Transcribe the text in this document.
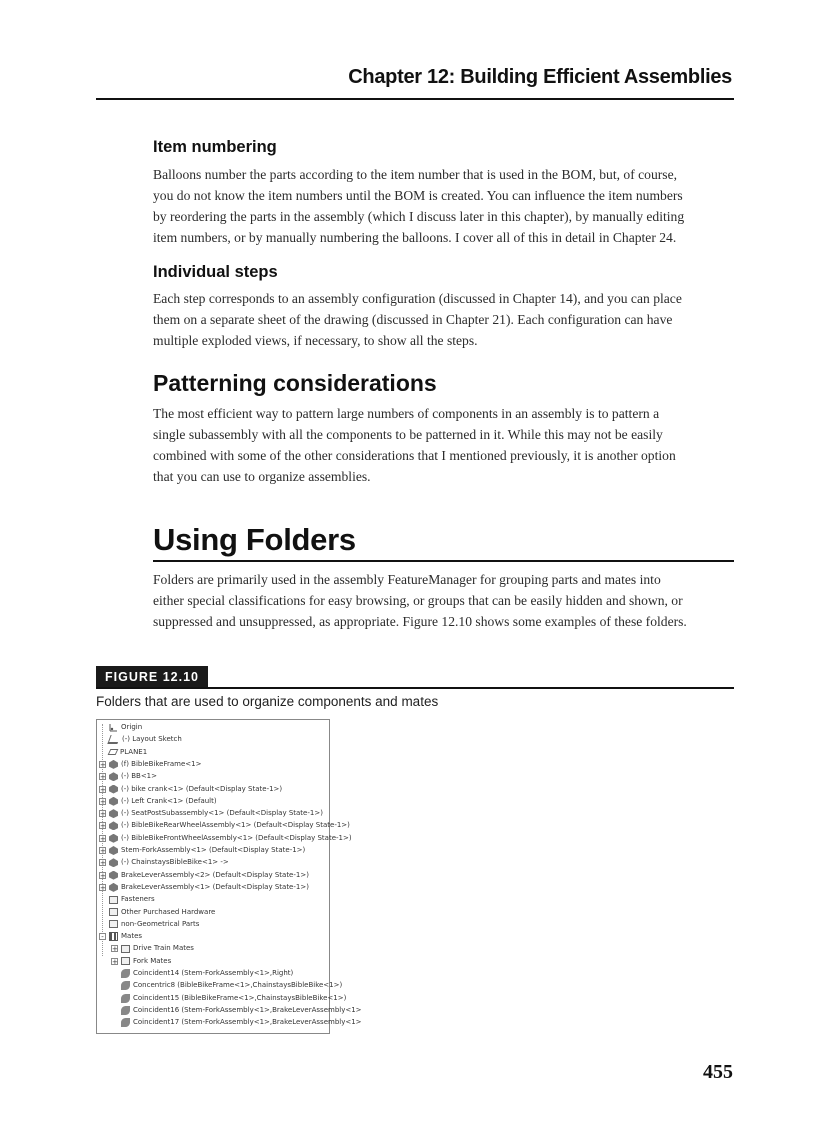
Chapter 12: Building Efficient Assemblies
Item numbering
Balloons number the parts according to the item number that is used in the BOM, but, of course,
you do not know the item numbers until the BOM is created. You can influence the item numbers
by reordering the parts in the assembly (which I discuss later in this chapter), by manually editing
item numbers, or by manually numbering the balloons. I cover all of this in detail in Chapter 24.
Individual steps
Each step corresponds to an assembly configuration (discussed in Chapter 14), and you can place
them on a separate sheet of the drawing (discussed in Chapter 21). Each configuration can have
multiple exploded views, if necessary, to show all the steps.
Patterning considerations
The most efficient way to pattern large numbers of components in an assembly is to pattern a
single subassembly with all the components to be patterned in it. While this may not be easily
combined with some of the other considerations that I mentioned previously, it is another option
that you can use to organize assemblies.
Using Folders
Folders are primarily used in the assembly FeatureManager for grouping parts and mates into
either special classifications for easy browsing, or groups that can be easily hidden and shown, or
suppressed and unsuppressed, as appropriate. Figure 12.10 shows some examples of these folders.
FIGURE 12.10
Folders that are used to organize components and mates
Origin
(-) Layout Sketch
PLANE1
+ (f) BibleBikeFrame<1>
+ (-) BB<1>
+ (-) bike crank<1> (Default<Display State-1>)
+ (-) Left Crank<1> (Default)
+ (-) SeatPostSubassembly<1> (Default<Display State-1>)
+ (-) BibleBikeRearWheelAssembly<1> (Default<Display State-1>)
+ (-) BibleBikeFrontWheelAssembly<1> (Default<Display State-1>)
+ Stem-ForkAssembly<1> (Default<Display State-1>)
+ (-) ChainstaysBibleBike<1> ->
+ BrakeLeverAssembly<2> (Default<Display State-1>)
+ BrakeLeverAssembly<1> (Default<Display State-1>)
Fasteners
Other Purchased Hardware
non-Geometrical Parts
-	Mates
+ Drive Train Mates
+ Fork Mates
Coincident14 (Stem-ForkAssembly<1>,Right)
Concentric8 (BibleBikeFrame<1>,ChainstaysBibleBike<1>)
Coincident15 (BibleBikeFrame<1>,ChainstaysBibleBike<1>)
Coincident16 (Stem-ForkAssembly<1>,BrakeLeverAssembly<1>
Coincident17 (Stem-ForkAssembly<1>,BrakeLeverAssembly<1>
455
